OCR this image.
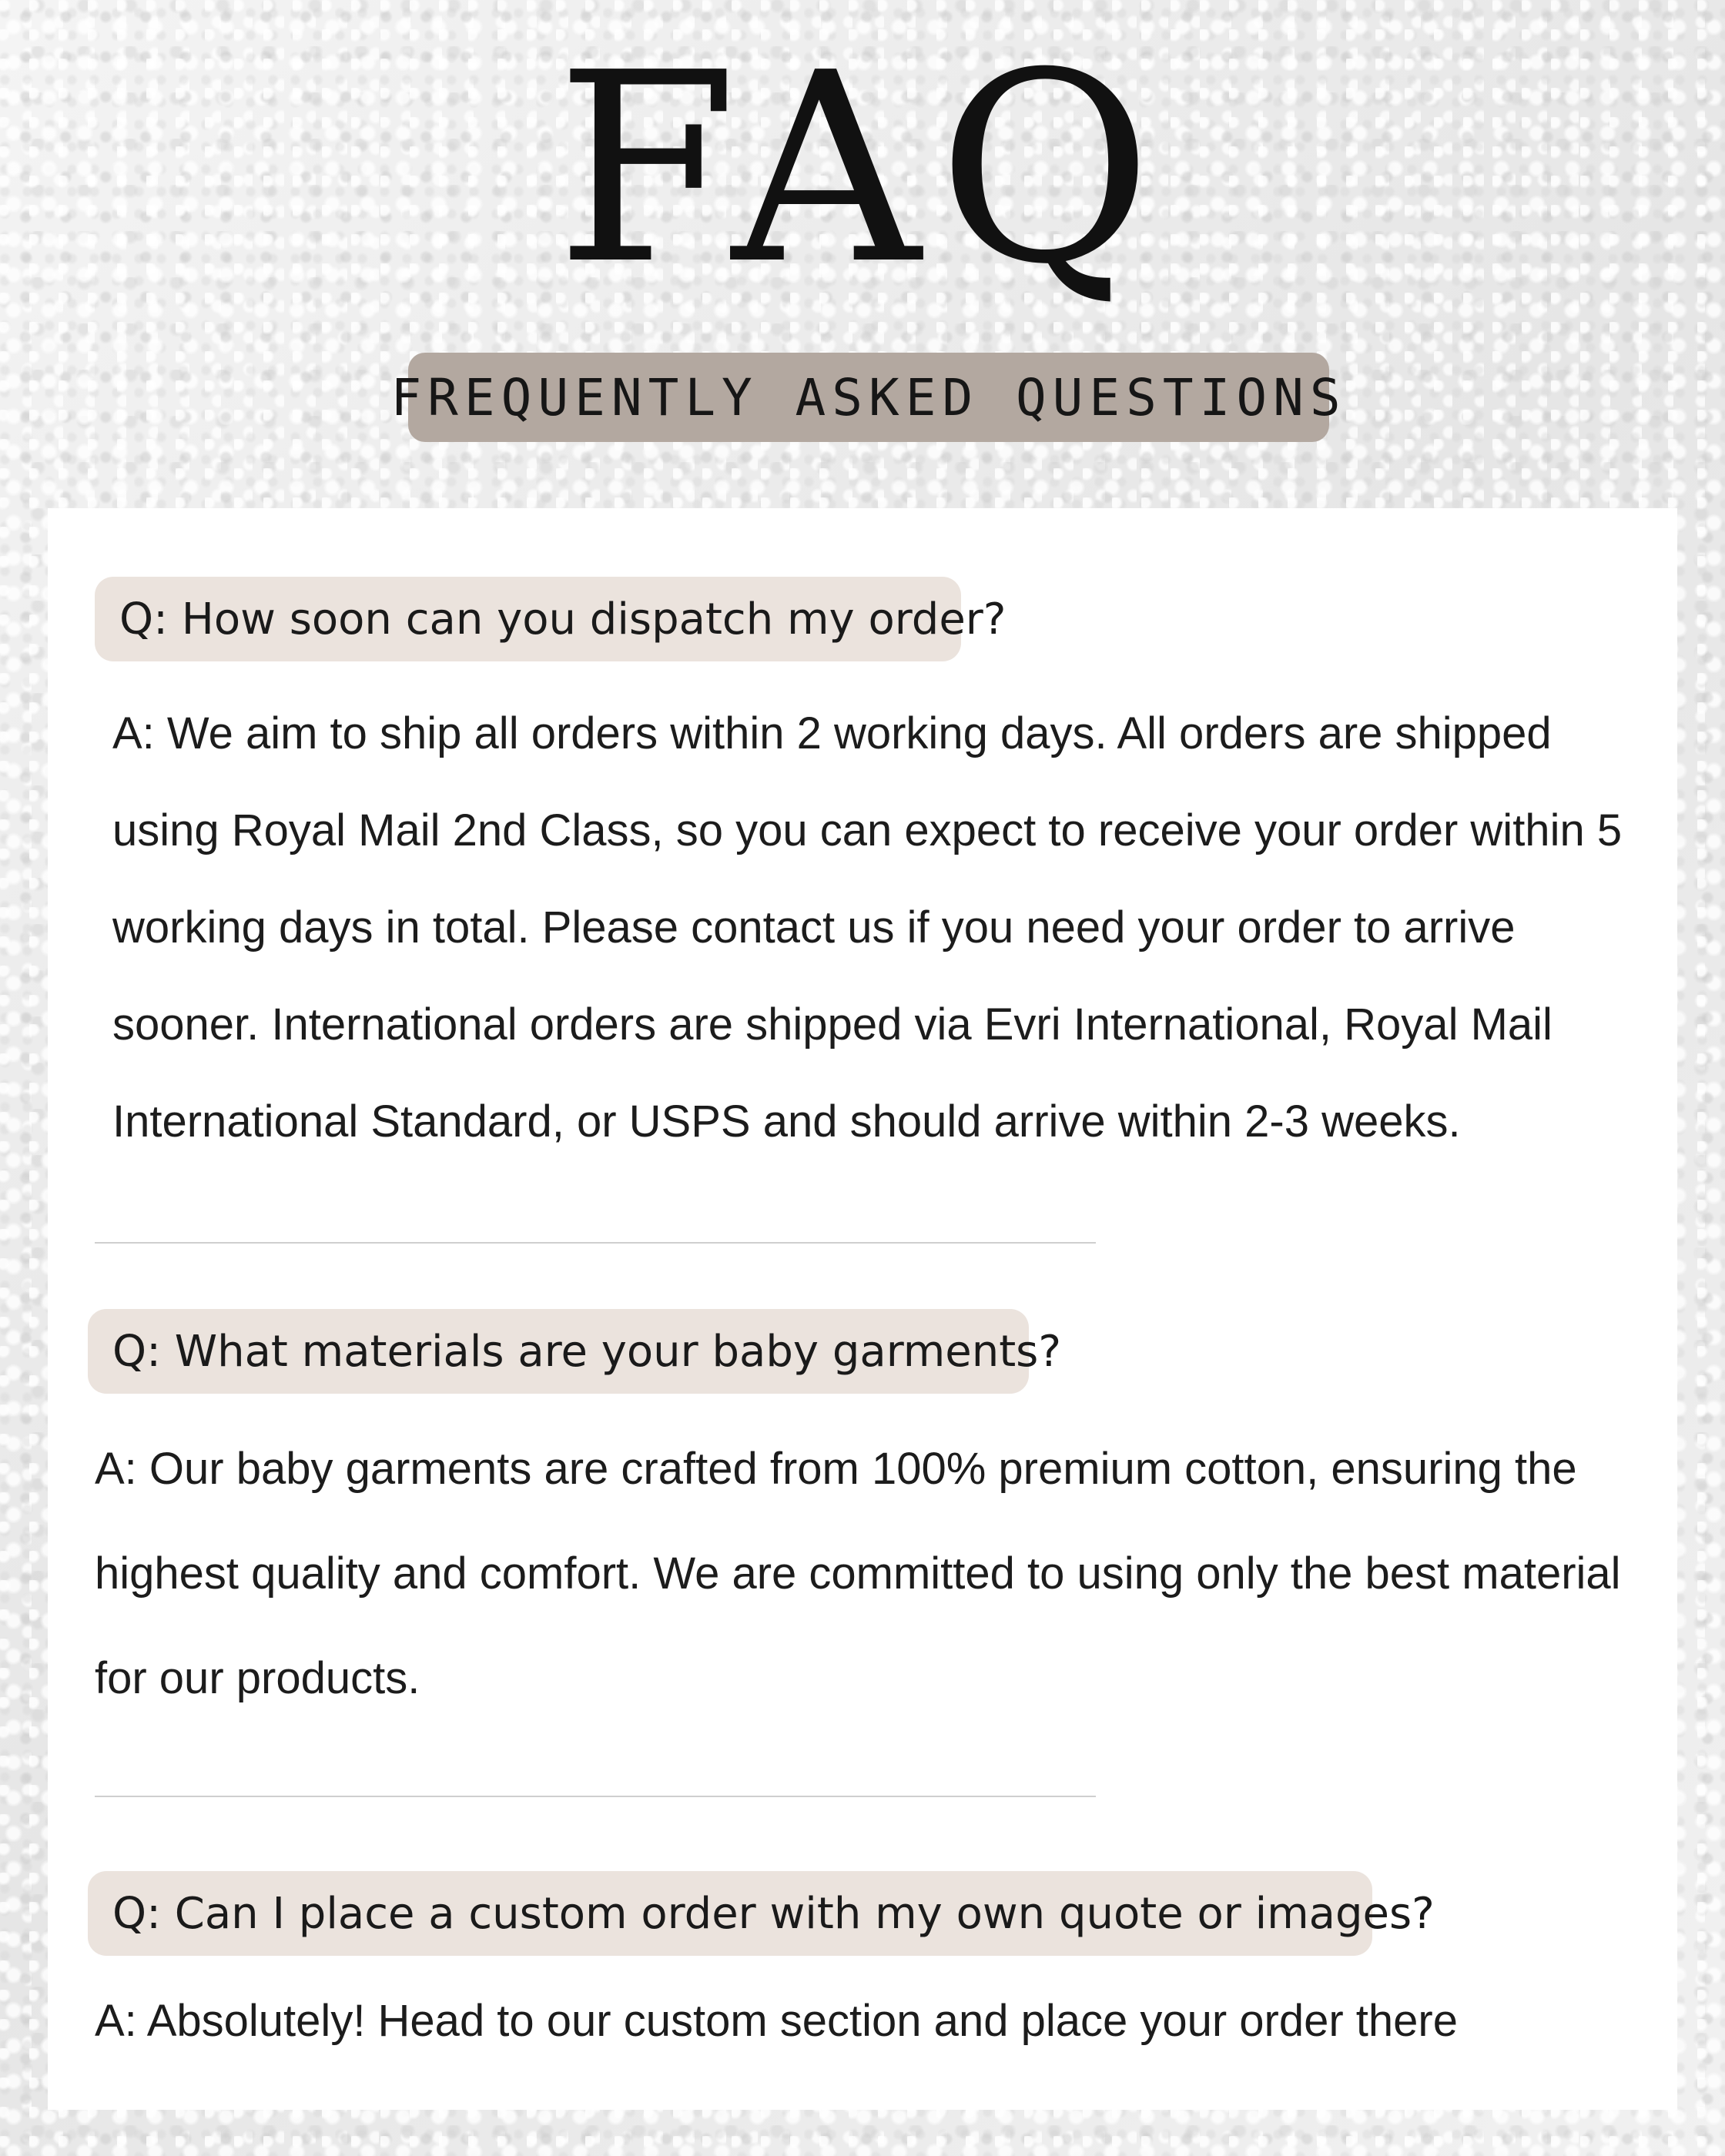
FAQ
FREQUENTLY ASKED QUESTIONS
Q: How soon can you dispatch my order?

A: We aim to ship all orders within 2 working days. All orders are shipped using Royal Mail 2nd Class, so you can expect to receive your order within 5 working days in total. Please contact us if you need your order to arrive sooner. International orders are shipped via Evri International, Royal Mail International Standard, or USPS and should arrive within 2-3 weeks.

Q: What materials are your baby garments?

A: Our baby garments are crafted from 100% premium cotton, ensuring the highest quality and comfort. We are committed to using only the best material for our products.

Q: Can I place a custom order with my own quote or images?

A: Absolutely! Head to our custom section and place your order there
